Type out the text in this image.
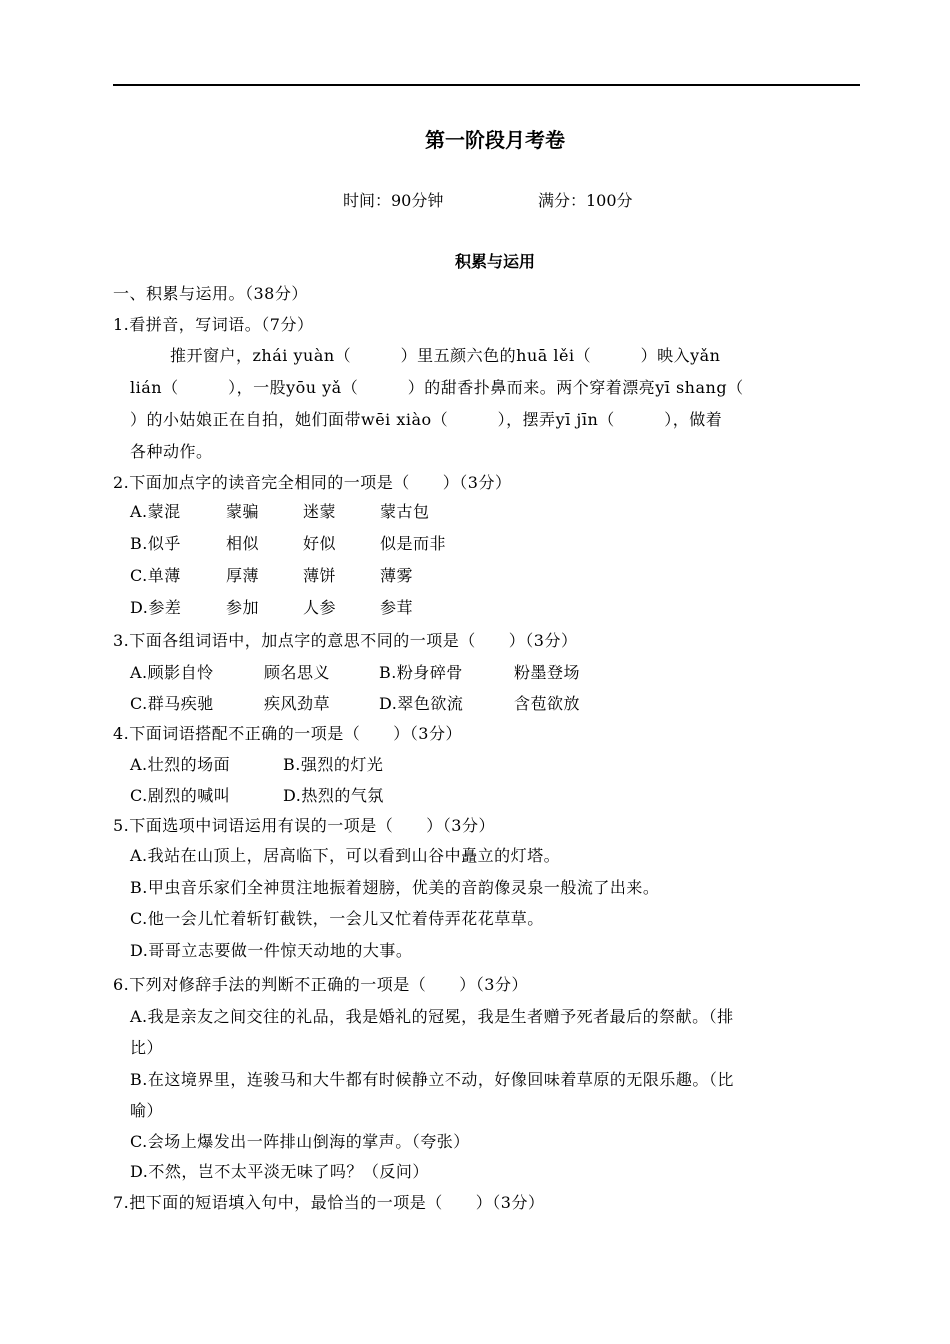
第一阶段月考卷
时间：90分钟	满分：100分
积累与运用
一、积累与运用。（38分）
1.看拼音，写词语。（7分）
推开窗户，zhái yuàn（　　　）里五颜六色的huā lěi（　　　）映入yǎn
lián（　　　），一股yōu yǎ（　　　）的甜香扑鼻而来。两个穿着漂亮yī shang（
）的小姑娘正在自拍，她们面带wēi xiào（　　　），摆弄yī jīn（　　　），做着
各种动作。
2.下面加点字的读音完全相同的一项是（　　）（3分）
A.蒙混	蒙骗	迷蒙	蒙古包
B.似乎	相似	好似	似是而非
C.单薄	厚薄	薄饼	薄雾
D.参差	参加	人参	参茸
3.下面各组词语中，加点字的意思不同的一项是（　　）（3分）
A.顾影自怜	顾名思义	B.粉身碎骨	粉墨登场
C.群马疾驰	疾风劲草	D.翠色欲流	含苞欲放
4.下面词语搭配不正确的一项是（　　）（3分）
A.壮烈的场面	B.强烈的灯光
C.剧烈的喊叫	D.热烈的气氛
5.下面选项中词语运用有误的一项是（　　）（3分）
A.我站在山顶上，居高临下，可以看到山谷中矗立的灯塔。
B.甲虫音乐家们全神贯注地振着翅膀，优美的音韵像灵泉一般流了出来。
C.他一会儿忙着斩钉截铁，一会儿又忙着侍弄花花草草。
D.哥哥立志要做一件惊天动地的大事。
6.下列对修辞手法的判断不正确的一项是（　　）（3分）
A.我是亲友之间交往的礼品，我是婚礼的冠冕，我是生者赠予死者最后的祭献。（排
比）
B.在这境界里，连骏马和大牛都有时候静立不动，好像回味着草原的无限乐趣。（比
喻）
C.会场上爆发出一阵排山倒海的掌声。（夸张）
D.不然，岂不太平淡无味了吗？（反问）
7.把下面的短语填入句中，最恰当的一项是（　　）（3分）
